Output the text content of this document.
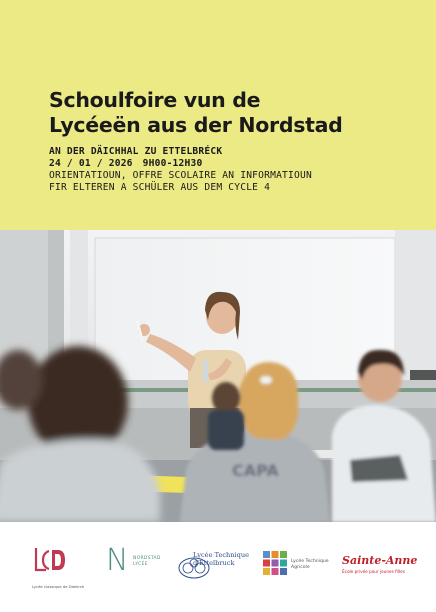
Schoulfoire vun de
Lycéeën aus der Nordstad
AN DER DÄICHHAL ZU ETTELBRÉCK
24 / 01 / 2026 9H00-12H30
ORIENTATIOUN, OFFRE SCOLAIRE AN INFORMATIOUN
FIR ELTEREN A SCHÜLER AUS DEM CYCLE 4
CAPA
Lycée classique de Diekirch
N NORDSTAD
LYCÉE
Lycée Technique
d'Ettelbruck	Lycée Technique
Agricole
Sainte-Anne
École privée pour jeunes filles
